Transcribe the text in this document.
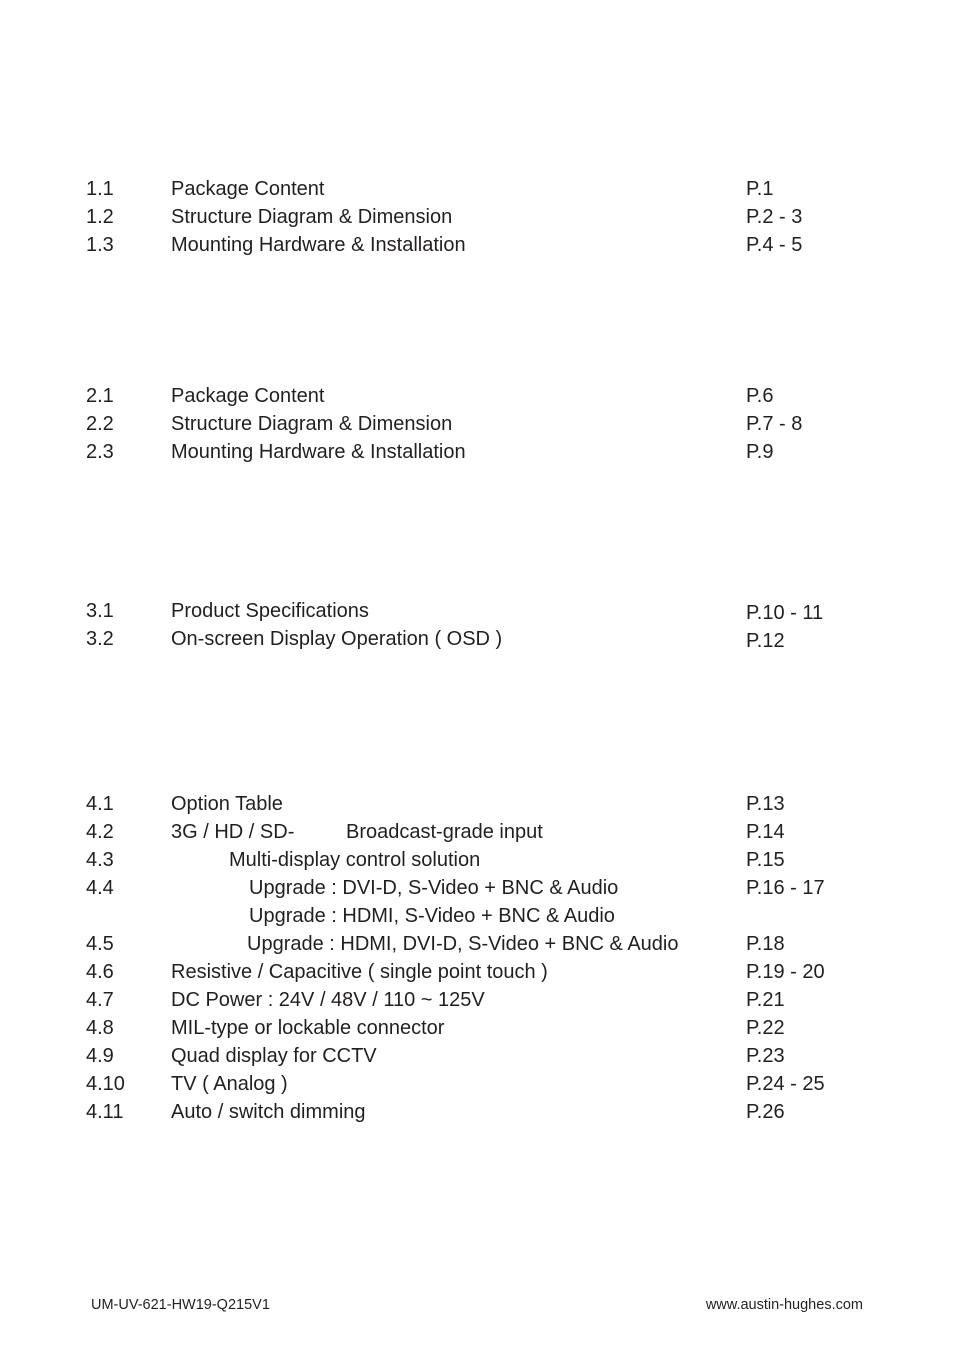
1.1	Package Content	P.1
1.2	Structure Diagram & Dimension	P.2 - 3
1.3	Mounting Hardware & Installation	P.4 - 5
2.1	Package Content	P.6
2.2	Structure Diagram & Dimension	P.7 - 8
2.3	Mounting Hardware & Installation	P.9
3.1	Product Specifications	P.10 - 11
3.2	On-screen Display Operation ( OSD )	P.12
4.1	Option Table	P.13
4.2	3G / HD / SD-	Broadcast-grade input	P.14
4.3	Multi-display control solution	P.15
4.4	Upgrade : DVI-D, S-Video + BNC & Audio	P.16 - 17
Upgrade : HDMI, S-Video + BNC & Audio
4.5	Upgrade : HDMI, DVI-D, S-Video + BNC & Audio	P.18
4.6	Resistive / Capacitive ( single point touch )	P.19 - 20
4.7	DC Power : 24V / 48V / 110 ~ 125V	P.21
4.8	MIL-type or lockable connector	P.22
4.9	Quad display for CCTV	P.23
4.10 TV ( Analog )	P.24 - 25
4.11 Auto / switch dimming	P.26
UM-UV-621-HW19-Q215V1	www.austin-hughes.com
